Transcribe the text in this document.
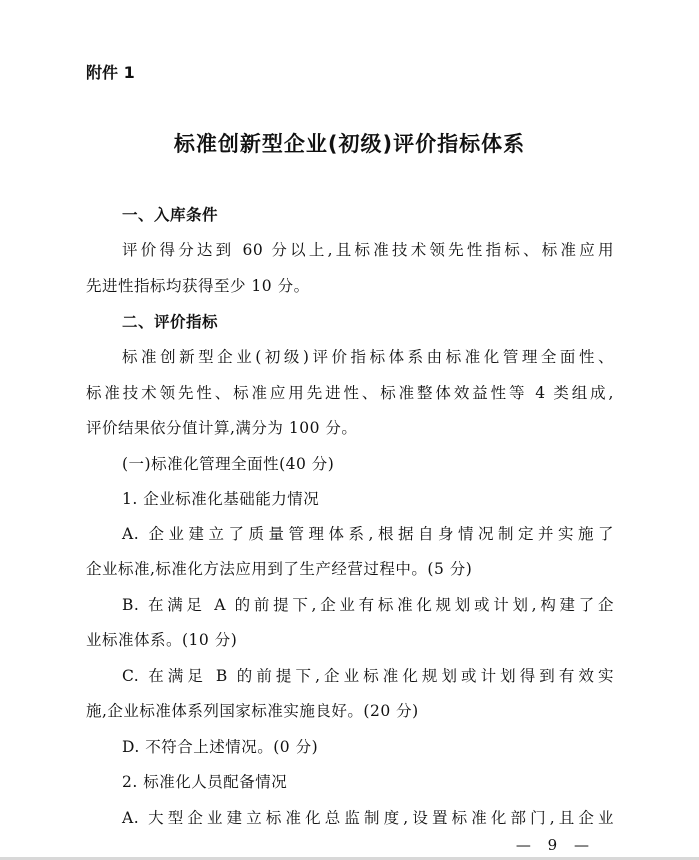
附件 1
标准创新型企业(初级)评价指标体系
一、入库条件
评价得分达到 60 分以上,且标准技术领先性指标、标准应用
先进性指标均获得至少 10 分。
二、评价指标
标准创新型企业(初级)评价指标体系由标准化管理全面性、
标准技术领先性、标准应用先进性、标准整体效益性等 4 类组成,
评价结果依分值计算,满分为 100 分。
(一)标准化管理全面性(40 分)
1. 企业标准化基础能力情况
A. 企业建立了质量管理体系,根据自身情况制定并实施了
企业标准,标准化方法应用到了生产经营过程中。(5 分)
B. 在满足 A 的前提下,企业有标准化规划或计划,构建了企
业标准体系。(10 分)
C. 在满足 B 的前提下,企业标准化规划或计划得到有效实
施,企业标准体系列国家标准实施良好。(20 分)
D. 不符合上述情况。(0 分)
2. 标准化人员配备情况
A. 大型企业建立标准化总监制度,设置标准化部门,且企业
— 9 —
